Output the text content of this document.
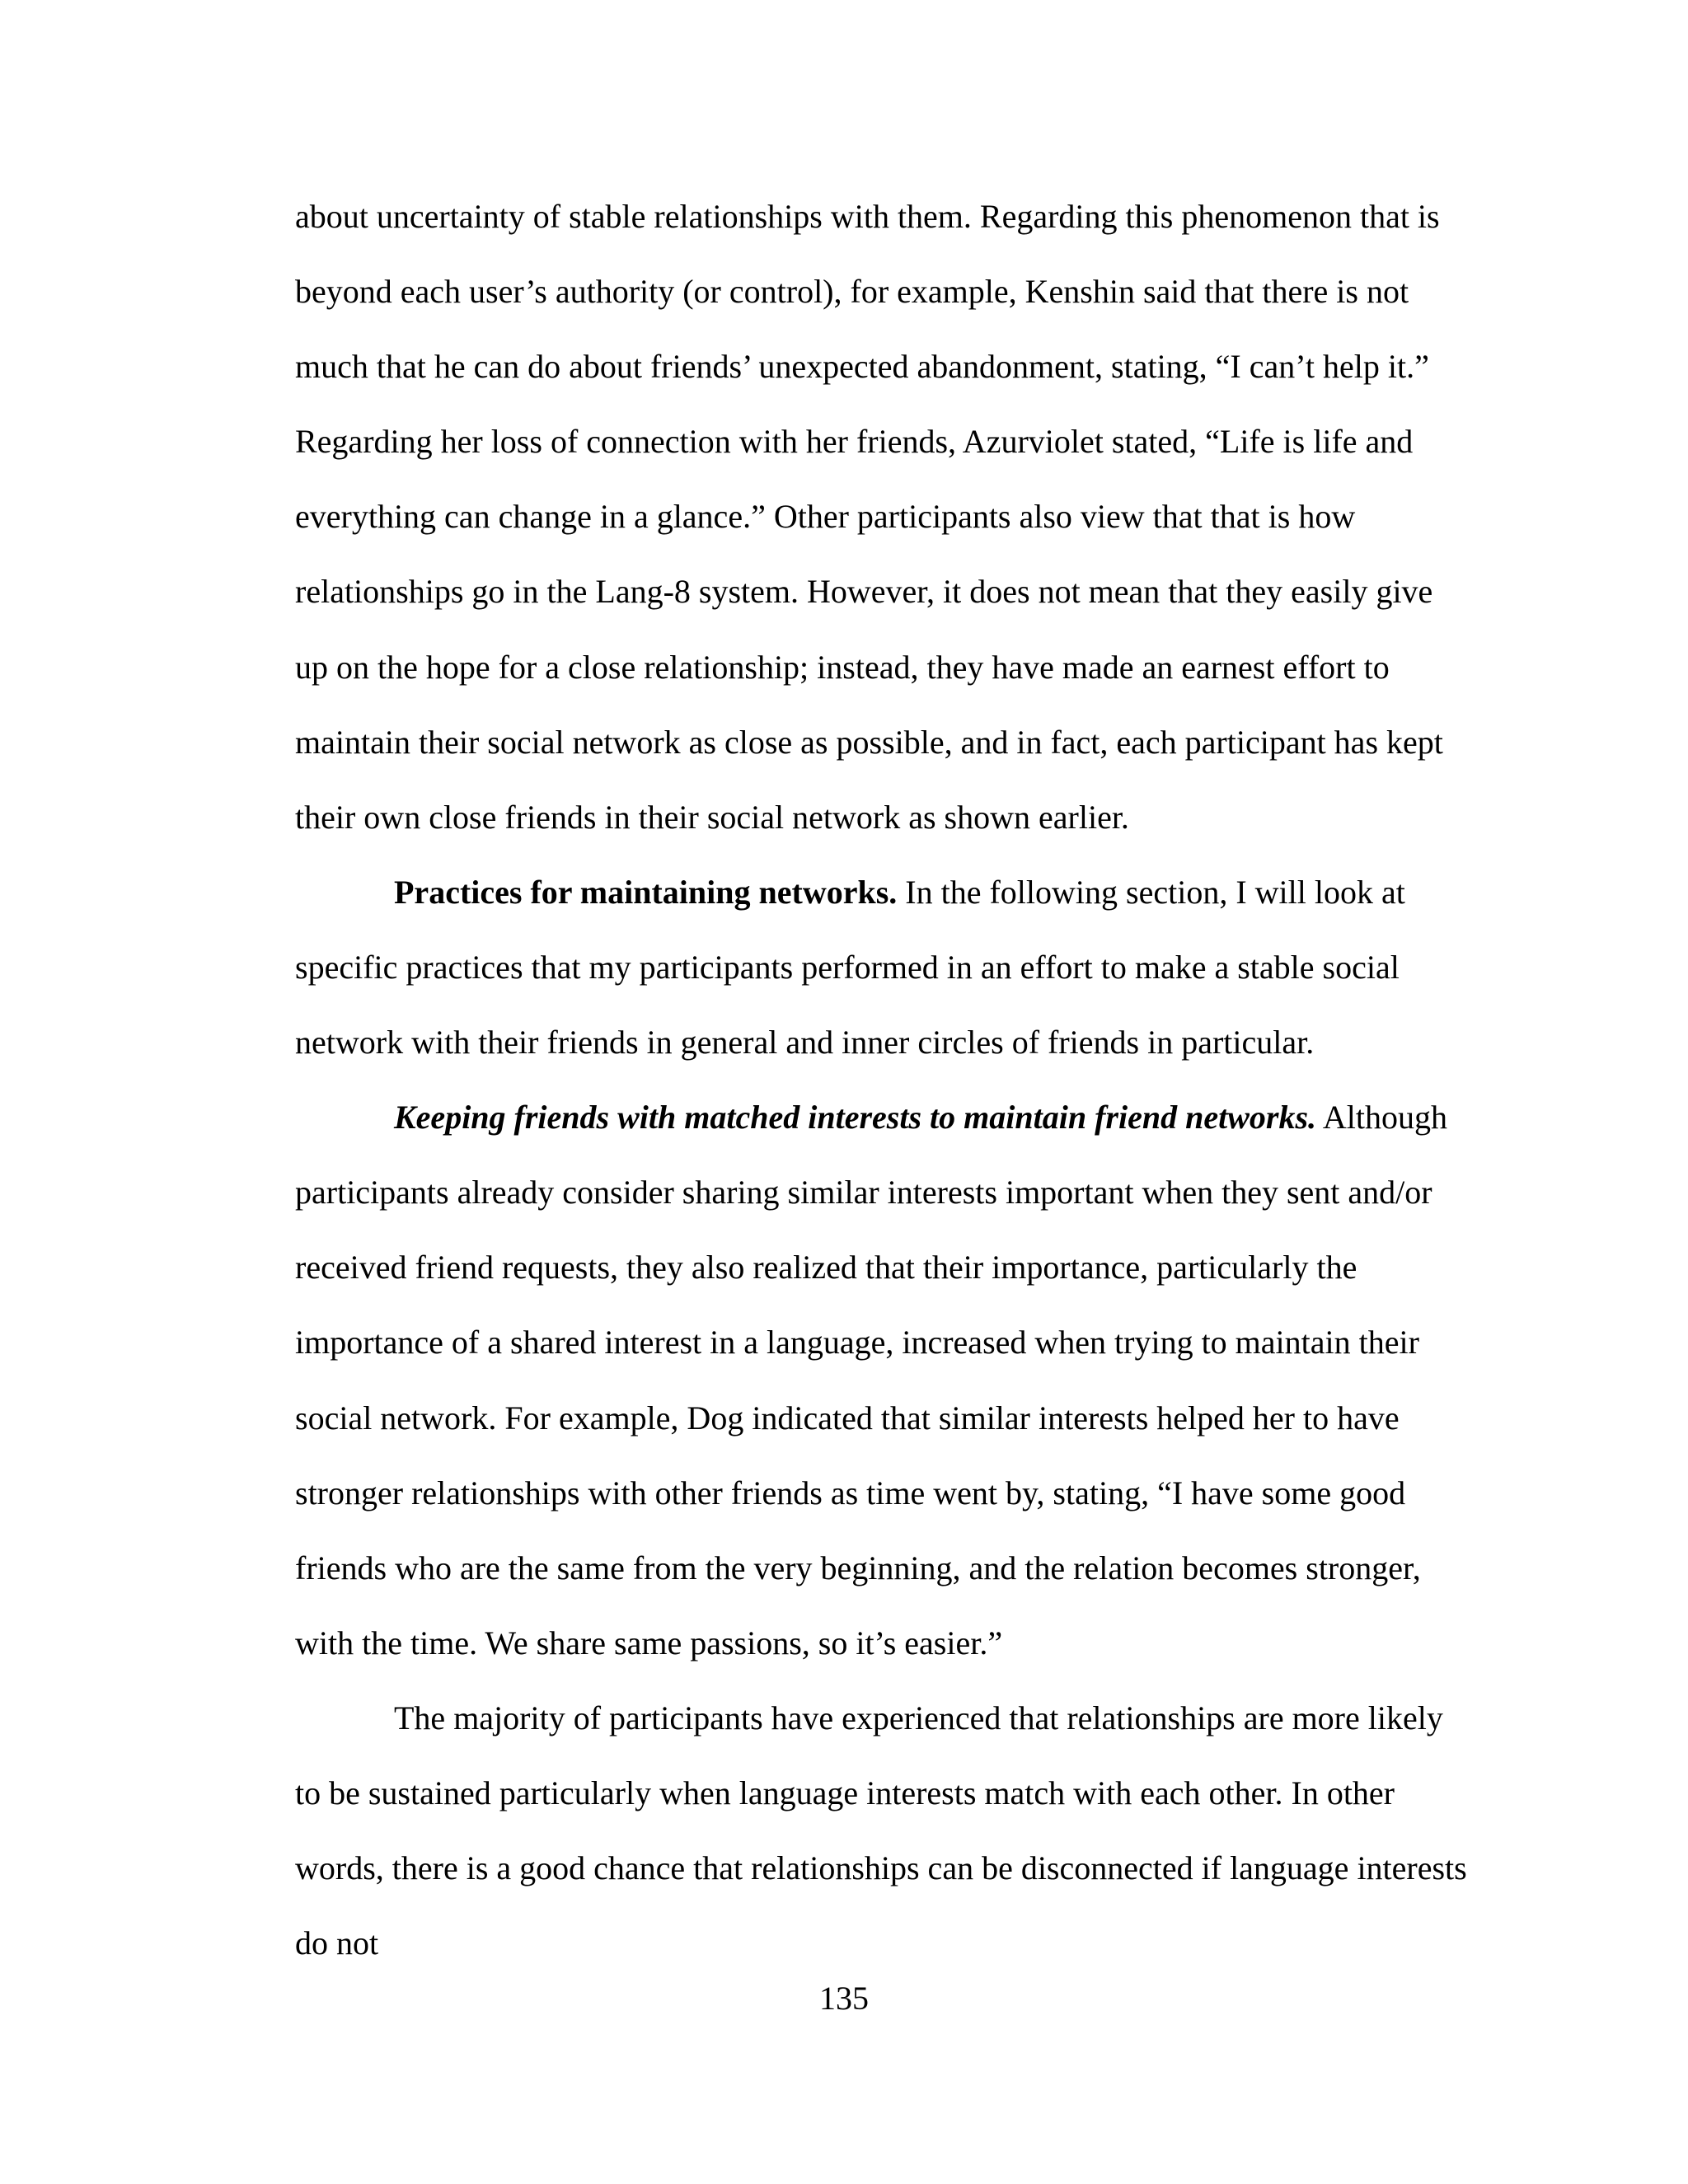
about uncertainty of stable relationships with them. Regarding this phenomenon that is beyond each user’s authority (or control), for example, Kenshin said that there is not much that he can do about friends’ unexpected abandonment, stating, “I can’t help it.” Regarding her loss of connection with her friends, Azurviolet stated, “Life is life and everything can change in a glance.” Other participants also view that that is how relationships go in the Lang-8 system. However, it does not mean that they easily give up on the hope for a close relationship; instead, they have made an earnest effort to maintain their social network as close as possible, and in fact, each participant has kept their own close friends in their social network as shown earlier.

Practices for maintaining networks. In the following section, I will look at specific practices that my participants performed in an effort to make a stable social network with their friends in general and inner circles of friends in particular.

Keeping friends with matched interests to maintain friend networks. Although participants already consider sharing similar interests important when they sent and/or received friend requests, they also realized that their importance, particularly the importance of a shared interest in a language, increased when trying to maintain their social network. For example, Dog indicated that similar interests helped her to have stronger relationships with other friends as time went by, stating, “I have some good friends who are the same from the very beginning, and the relation becomes stronger, with the time. We share same passions, so it’s easier.”

The majority of participants have experienced that relationships are more likely to be sustained particularly when language interests match with each other. In other words, there is a good chance that relationships can be disconnected if language interests do not

135
